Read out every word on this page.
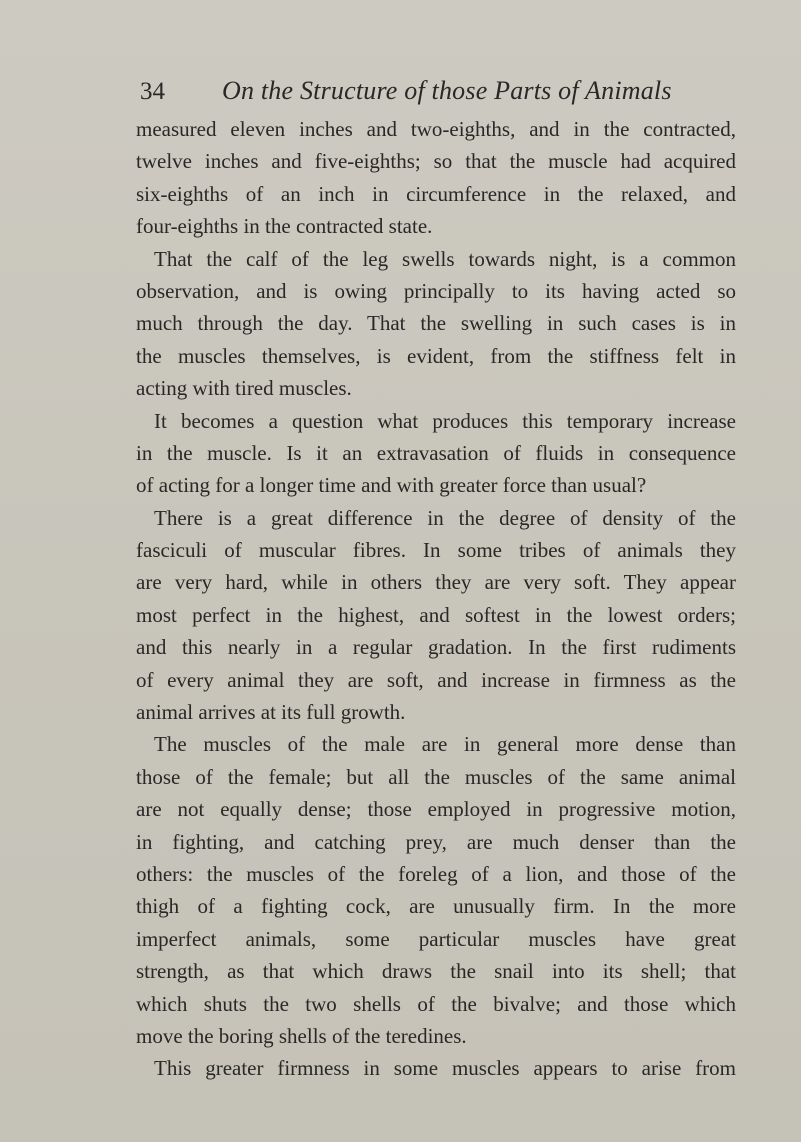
34 On the Structure of those Parts of Animals
measured eleven inches and two-eighths, and in the contracted,
twelve inches and five-eighths; so that the muscle had acquired
six-eighths of an inch in circumference in the relaxed, and
four-eighths in the contracted state.
That the calf of the leg swells towards night, is a common
observation, and is owing principally to its having acted so
much through the day. That the swelling in such cases is in
the muscles themselves, is evident, from the stiffness felt in
acting with tired muscles.
It becomes a question what produces this temporary increase
in the muscle. Is it an extravasation of fluids in consequence
of acting for a longer time and with greater force than usual?
There is a great difference in the degree of density of the
fasciculi of muscular fibres. In some tribes of animals they
are very hard, while in others they are very soft. They appear
most perfect in the highest, and softest in the lowest orders;
and this nearly in a regular gradation. In the first rudiments
of every animal they are soft, and increase in firmness as the
animal arrives at its full growth.
The muscles of the male are in general more dense than
those of the female; but all the muscles of the same animal
are not equally dense; those employed in progressive motion,
in fighting, and catching prey, are much denser than the
others: the muscles of the foreleg of a lion, and those of the
thigh of a fighting cock, are unusually firm. In the more
imperfect animals, some particular muscles have great
strength, as that which draws the snail into its shell; that
which shuts the two shells of the bivalve; and those which
move the boring shells of the teredines.
This greater firmness in some muscles appears to arise from
